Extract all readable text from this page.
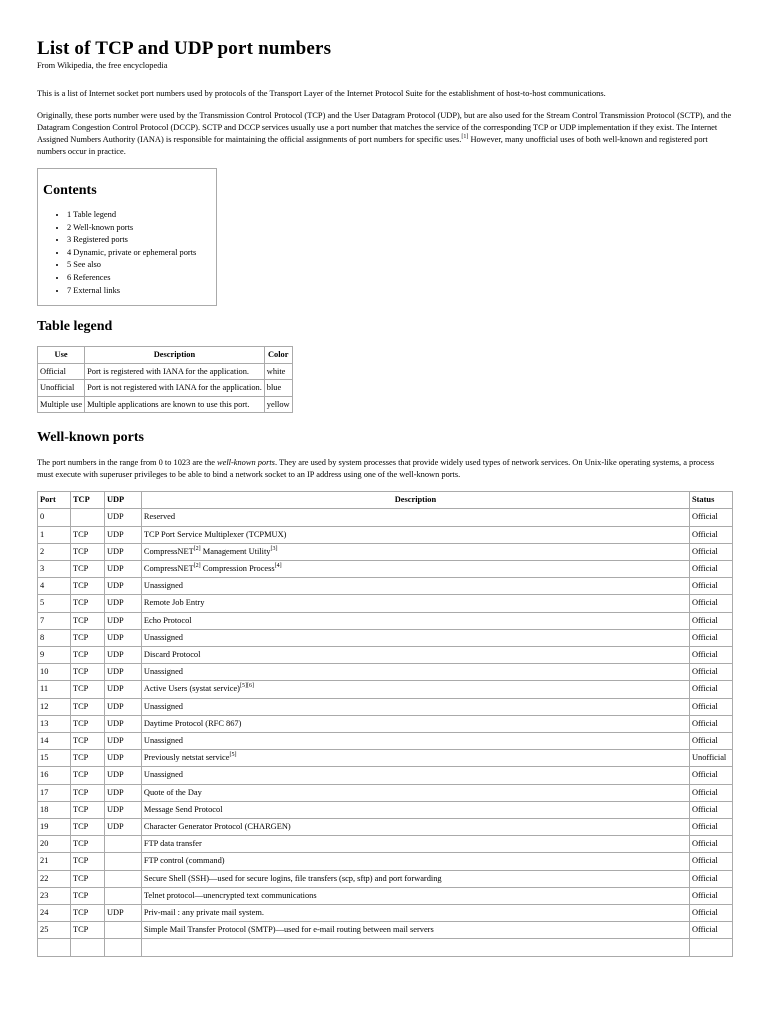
List of TCP and UDP port numbers
From Wikipedia, the free encyclopedia

This is a list of Internet socket port numbers used by protocols of the Transport Layer of the Internet Protocol Suite for the establishment of host-to-host communications.

Originally, these ports number were used by the Transmission Control Protocol (TCP) and the User Datagram Protocol (UDP), but are also used for the Stream Control Transmission Protocol (SCTP), and the Datagram Congestion Control Protocol (DCCP). SCTP and DCCP services usually use a port number that matches the service of the corresponding TCP or UDP implementation if they exist. The Internet Assigned Numbers Authority (IANA) is responsible for maintaining the official assignments of port numbers for specific uses.[1] However, many unofficial uses of both well-known and registered port numbers occur in practice.

Contents
• 1 Table legend
• 2 Well-known ports
• 3 Registered ports
• 4 Dynamic, private or ephemeral ports
• 5 See also
• 6 References
• 7 External links
Table legend
Use	Description	Color
Official	Port is registered with IANA for the application.	white
Unofficial	Port is not registered with IANA for the application.	blue
Multiple use	Multiple applications are known to use this port.	yellow
Well-known ports

The port numbers in the range from 0 to 1023 are the well-known ports. They are used by system processes that provide widely used types of network services. On Unix-like operating systems, a process must execute with superuser privileges to be able to bind a network socket to an IP address using one of the well-known ports.

Port	TCP	UDP	Description	Status
0		UDP	Reserved	Official
1	TCP	UDP	TCP Port Service Multiplexer (TCPMUX)	Official
2	TCP	UDP	CompressNET[2] Management Utility[3]	Official
3	TCP	UDP	CompressNET[2] Compression Process[4]	Official
4	TCP	UDP	Unassigned	Official
5	TCP	UDP	Remote Job Entry	Official
7	TCP	UDP	Echo Protocol	Official
8	TCP	UDP	Unassigned	Official
9	TCP	UDP	Discard Protocol	Official
10	TCP	UDP	Unassigned	Official
11	TCP	UDP	Active Users (systat service)[5][6]	Official
12	TCP	UDP	Unassigned	Official
13	TCP	UDP	Daytime Protocol (RFC 867)	Official
14	TCP	UDP	Unassigned	Official
15	TCP	UDP	Previously netstat service[5]	Unofficial
16	TCP	UDP	Unassigned	Official
17	TCP	UDP	Quote of the Day	Official
18	TCP	UDP	Message Send Protocol	Official
19	TCP	UDP	Character Generator Protocol (CHARGEN)	Official
20	TCP		FTP data transfer	Official
21	TCP		FTP control (command)	Official
22	TCP		Secure Shell (SSH)—used for secure logins, file transfers (scp, sftp) and port forwarding	Official
23	TCP		Telnet protocol—unencrypted text communications	Official
24	TCP	UDP	Priv-mail : any private mail system.	Official
25	TCP		Simple Mail Transfer Protocol (SMTP)—used for e-mail routing between mail servers	Official
